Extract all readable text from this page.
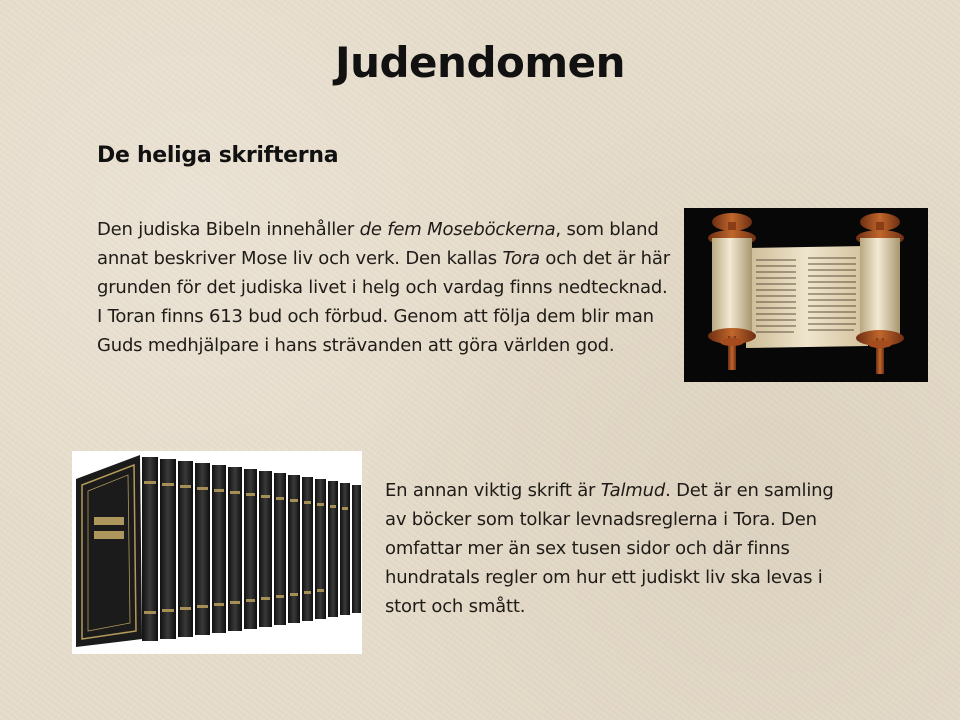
Judendomen
De heliga skrifterna
Den judiska Bibeln innehåller de fem Moseböckerna, som bland annat beskriver Mose liv och verk. Den kallas Tora och det är här grunden för det judiska livet i helg och vardag finns nedtecknad. I Toran finns 613 bud och förbud. Genom att följa dem blir man Guds medhjälpare i hans strävanden att göra världen god.
En annan viktig skrift är Talmud. Det är en samling av böcker som tolkar levnadsreglerna i Tora. Den omfattar mer än sex tusen sidor och där finns hundratals regler om hur ett judiskt liv ska levas i stort och smått.
